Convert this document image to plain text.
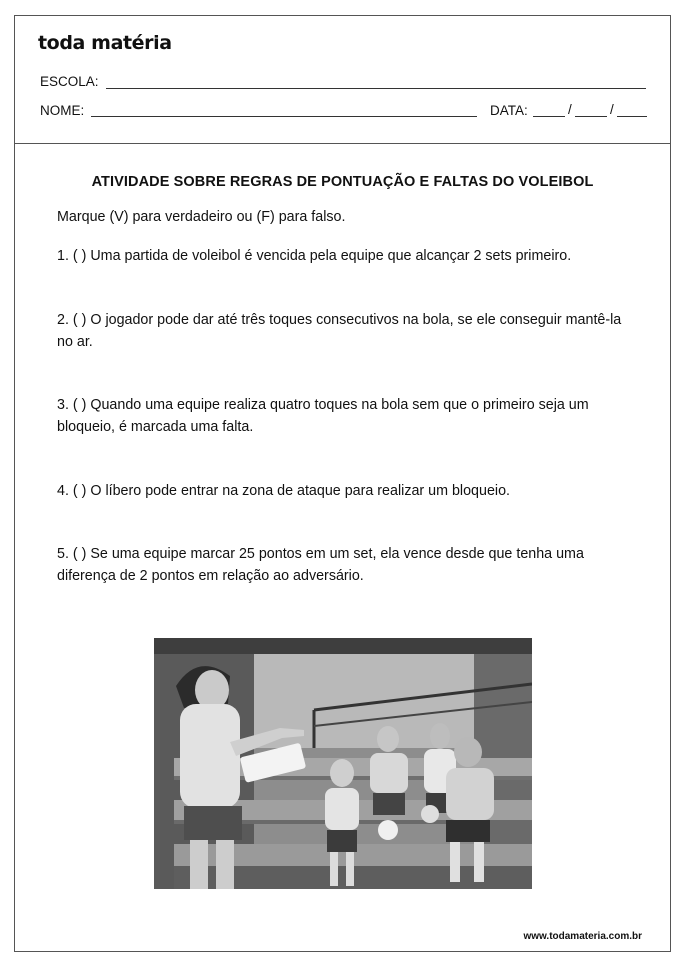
toda matéria
ESCOLA:
NOME:	DATA:	/	/
ATIVIDADE SOBRE REGRAS DE PONTUAÇÃO E FALTAS DO VOLEIBOL
Marque (V) para verdadeiro ou (F) para falso.
1. ( ) Uma partida de voleibol é vencida pela equipe que alcançar 2 sets primeiro.
2. ( ) O jogador pode dar até três toques consecutivos na bola, se ele conseguir mantê-la no ar.
3. ( ) Quando uma equipe realiza quatro toques na bola sem que o primeiro seja um bloqueio, é marcada uma falta.
4. ( ) O líbero pode entrar na zona de ataque para realizar um bloqueio.
5. ( ) Se uma equipe marcar 25 pontos em um set, ela vence desde que tenha uma diferença de 2 pontos em relação ao adversário.
www.todamateria.com.br
